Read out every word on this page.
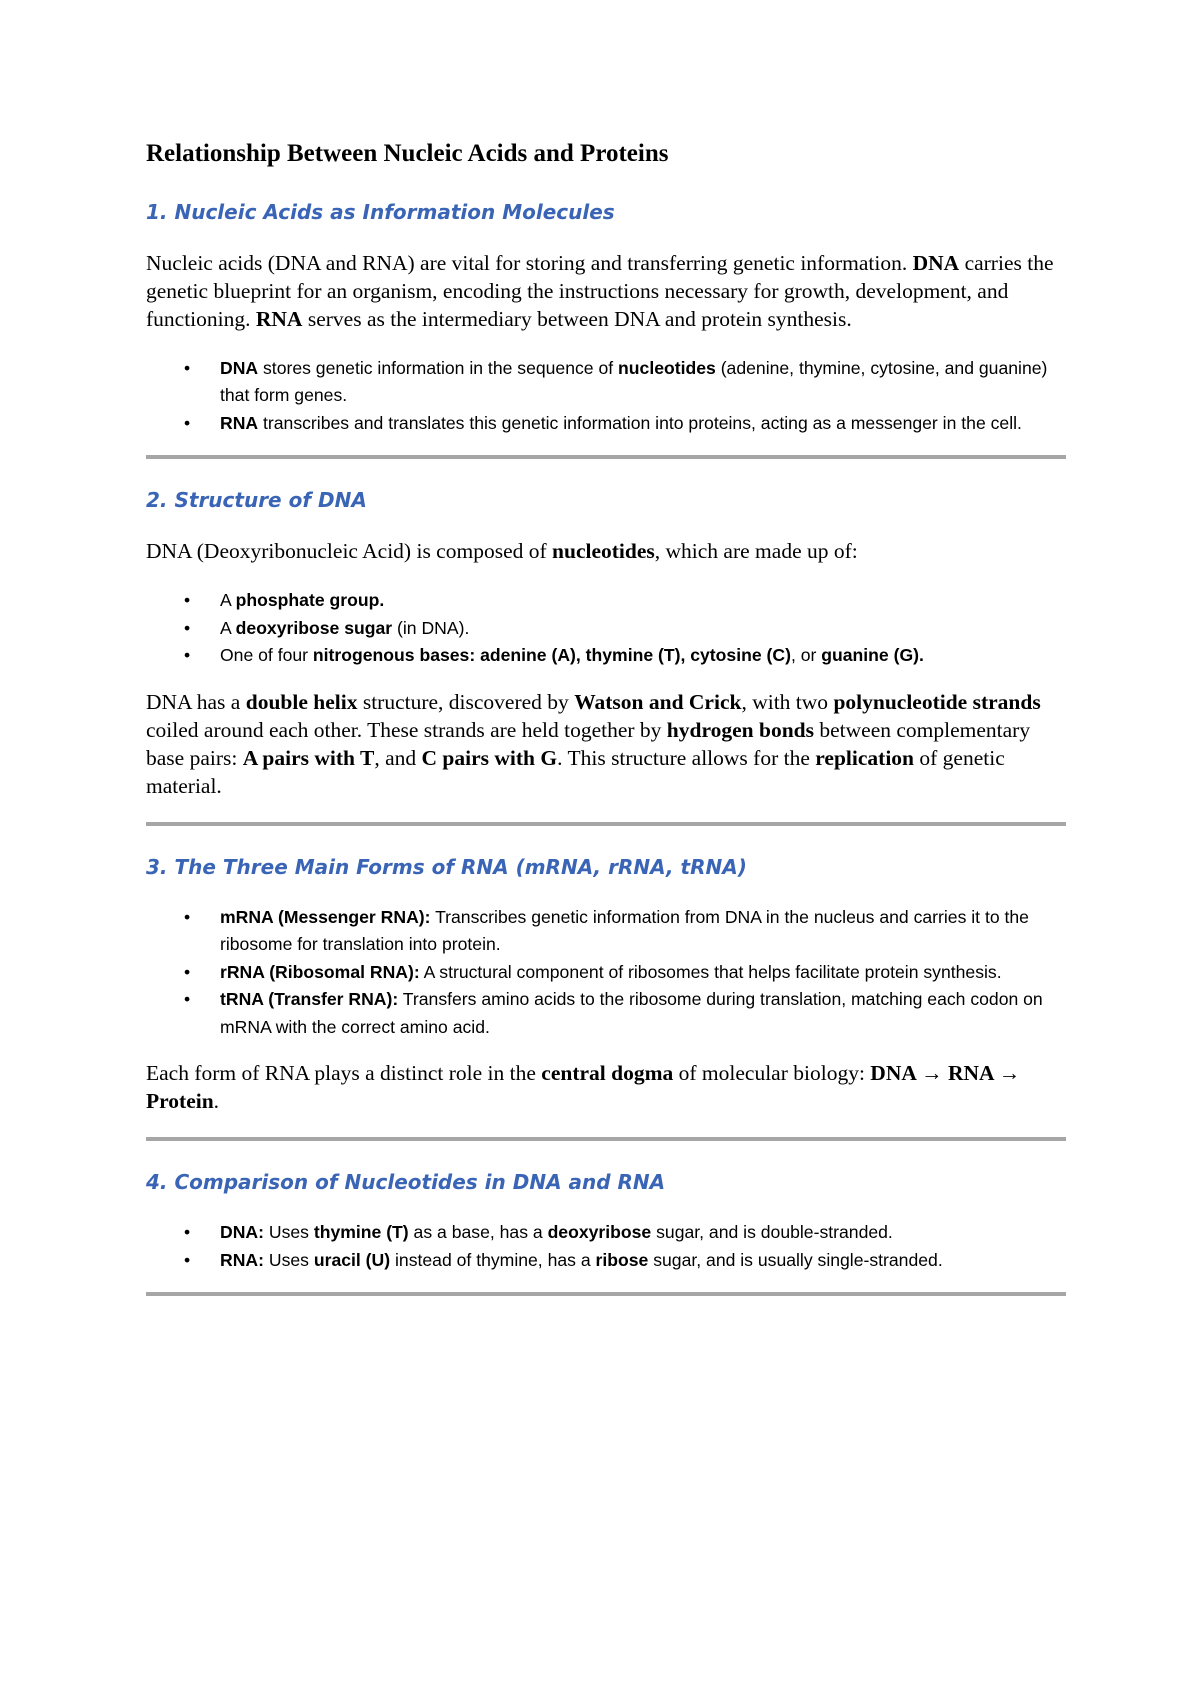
Relationship Between Nucleic Acids and Proteins
1. Nucleic Acids as Information Molecules

Nucleic acids (DNA and RNA) are vital for storing and transferring genetic information. DNA carries the genetic blueprint for an organism, encoding the instructions necessary for growth, development, and functioning. RNA serves as the intermediary between DNA and protein synthesis.

• DNA stores genetic information in the sequence of nucleotides (adenine, thymine, cytosine, and guanine) that form genes.
• RNA transcribes and translates this genetic information into proteins, acting as a messenger in the cell.
2. Structure of DNA

DNA (Deoxyribonucleic Acid) is composed of nucleotides, which are made up of:

• A phosphate group.
• A deoxyribose sugar (in DNA).
• One of four nitrogenous bases: adenine (A), thymine (T), cytosine (C), or guanine (G).

DNA has a double helix structure, discovered by Watson and Crick, with two polynucleotide strands coiled around each other. These strands are held together by hydrogen bonds between complementary base pairs: A pairs with T, and C pairs with G. This structure allows for the replication of genetic material.

3. The Three Main Forms of RNA (mRNA, rRNA, tRNA)
• mRNA (Messenger RNA): Transcribes genetic information from DNA in the nucleus and carries it to the ribosome for translation into protein.
• rRNA (Ribosomal RNA): A structural component of ribosomes that helps facilitate protein synthesis.
• tRNA (Transfer RNA): Transfers amino acids to the ribosome during translation, matching each codon on mRNA with the correct amino acid.

Each form of RNA plays a distinct role in the central dogma of molecular biology: DNA → RNA → Protein.

4. Comparison of Nucleotides in DNA and RNA
• DNA: Uses thymine (T) as a base, has a deoxyribose sugar, and is double-stranded.
• RNA: Uses uracil (U) instead of thymine, has a ribose sugar, and is usually single-stranded.
